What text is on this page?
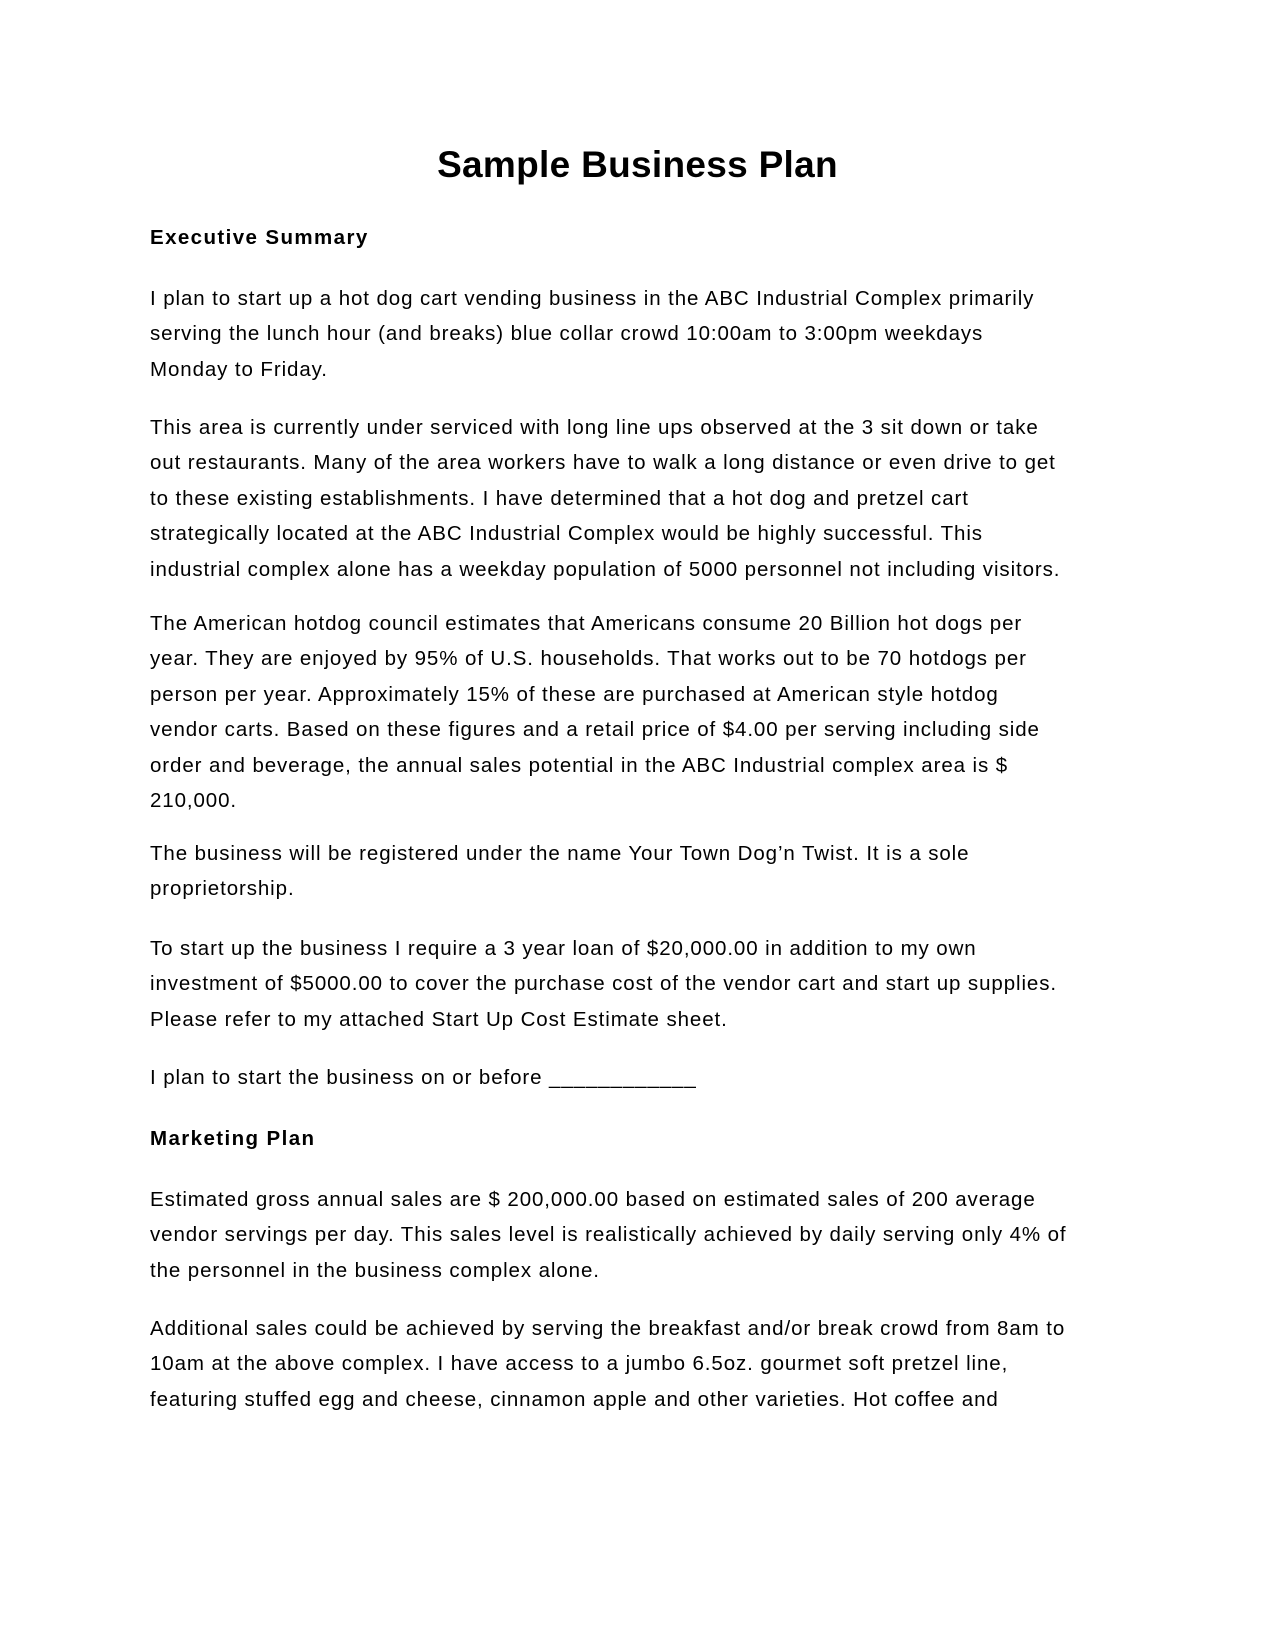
Sample Business Plan
Executive Summary

I plan to start up a hot dog cart vending business in the ABC Industrial Complex primarily
serving the lunch hour (and breaks) blue collar crowd 10:00am to 3:00pm weekdays
Monday to Friday.

This area is currently under serviced with long line ups observed at the 3 sit down or take
out restaurants. Many of the area workers have to walk a long distance or even drive to get
to these existing establishments. I have determined that a hot dog and pretzel cart
strategically located at the ABC Industrial Complex would be highly successful. This
industrial complex alone has a weekday population of 5000 personnel not including visitors.

The American hotdog council estimates that Americans consume 20 Billion hot dogs per
year. They are enjoyed by 95% of U.S. households. That works out to be 70 hotdogs per
person per year. Approximately 15% of these are purchased at American style hotdog
vendor carts. Based on these figures and a retail price of $4.00 per serving including side
order and beverage, the annual sales potential in the ABC Industrial complex area is $
210,000.

The business will be registered under the name Your Town Dog’n Twist. It is a sole
proprietorship.

To start up the business I require a 3 year loan of $20,000.00 in addition to my own
investment of $5000.00 to cover the purchase cost of the vendor cart and start up supplies.
Please refer to my attached Start Up Cost Estimate sheet.

I plan to start the business on or before ____________

Marketing Plan

Estimated gross annual sales are $ 200,000.00 based on estimated sales of 200 average
vendor servings per day. This sales level is realistically achieved by daily serving only 4% of
the personnel in the business complex alone.

Additional sales could be achieved by serving the breakfast and/or break crowd from 8am to
10am at the above complex. I have access to a jumbo 6.5oz. gourmet soft pretzel line,
featuring stuffed egg and cheese, cinnamon apple and other varieties. Hot coffee and
